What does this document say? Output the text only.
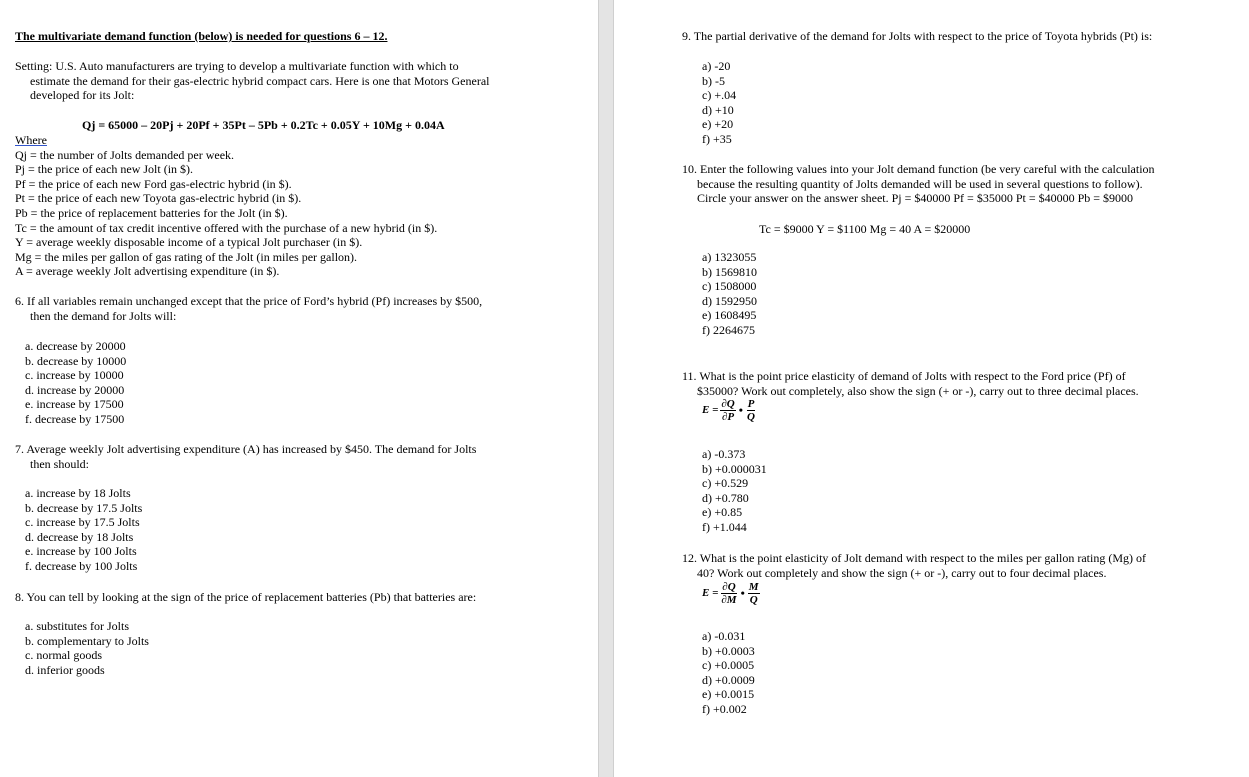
The multivariate demand function (below) is needed for questions 6 – 12.
Setting: U.S. Auto manufacturers are trying to develop a multivariate function with which to
estimate the demand for their gas-electric hybrid compact cars. Here is one that Motors General
developed for its Jolt:
Qj = 65000 – 20Pj + 20Pf + 35Pt – 5Pb + 0.2Tc + 0.05Y + 10Mg + 0.04A
Where
Qj = the number of Jolts demanded per week.
Pj = the price of each new Jolt (in $).
Pf = the price of each new Ford gas-electric hybrid (in $).
Pt = the price of each new Toyota gas-electric hybrid (in $).
Pb = the price of replacement batteries for the Jolt (in $).
Tc = the amount of tax credit incentive offered with the purchase of a new hybrid (in $).
Y = average weekly disposable income of a typical Jolt purchaser (in $).
Mg = the miles per gallon of gas rating of the Jolt (in miles per gallon).
A = average weekly Jolt advertising expenditure (in $).
6. If all variables remain unchanged except that the price of Ford’s hybrid (Pf) increases by $500,
then the demand for Jolts will:
a. decrease by 20000
b. decrease by 10000
c. increase by 10000
d. increase by 20000
e. increase by 17500
f. decrease by 17500
7. Average weekly Jolt advertising expenditure (A) has increased by $450. The demand for Jolts
then should:
a. increase by 18 Jolts
b. decrease by 17.5 Jolts
c. increase by 17.5 Jolts
d. decrease by 18 Jolts
e. increase by 100 Jolts
f. decrease by 100 Jolts
8. You can tell by looking at the sign of the price of replacement batteries (Pb) that batteries are:
a. substitutes for Jolts
b. complementary to Jolts
c. normal goods
d. inferior goods
9. The partial derivative of the demand for Jolts with respect to the price of Toyota hybrids (Pt) is:
a) -20
b) -5
c) +.04
d) +10
e) +20
f) +35
10. Enter the following values into your Jolt demand function (be very careful with the calculation
because the resulting quantity of Jolts demanded will be used in several questions to follow).
Circle your answer on the answer sheet. Pj = $40000 Pf = $35000 Pt = $40000 Pb = $9000
Tc = $9000 Y = $1100 Mg = 40 A = $20000
a) 1323055
b) 1569810
c) 1508000
d) 1592950
e) 1608495
f) 2264675
11. What is the point price elasticity of demand of Jolts with respect to the Ford price (Pf) of
$35000? Work out completely, also show the sign (+ or -), carry out to three decimal places.
$E = \frac{\partial Q}{\partial P}$ • $\frac{P}{Q}$
a) -0.373
b) +0.000031
c) +0.529
d) +0.780
e) +0.85
f) +1.044
12. What is the point elasticity of Jolt demand with respect to the miles per gallon rating (Mg) of
40? Work out completely and show the sign (+ or -), carry out to four decimal places.
$E = \frac{\partial Q}{\partial M}$ • $\frac{M}{Q}$
a) -0.031
b) +0.0003
c) +0.0005
d) +0.0009
e) +0.0015
f) +0.002
